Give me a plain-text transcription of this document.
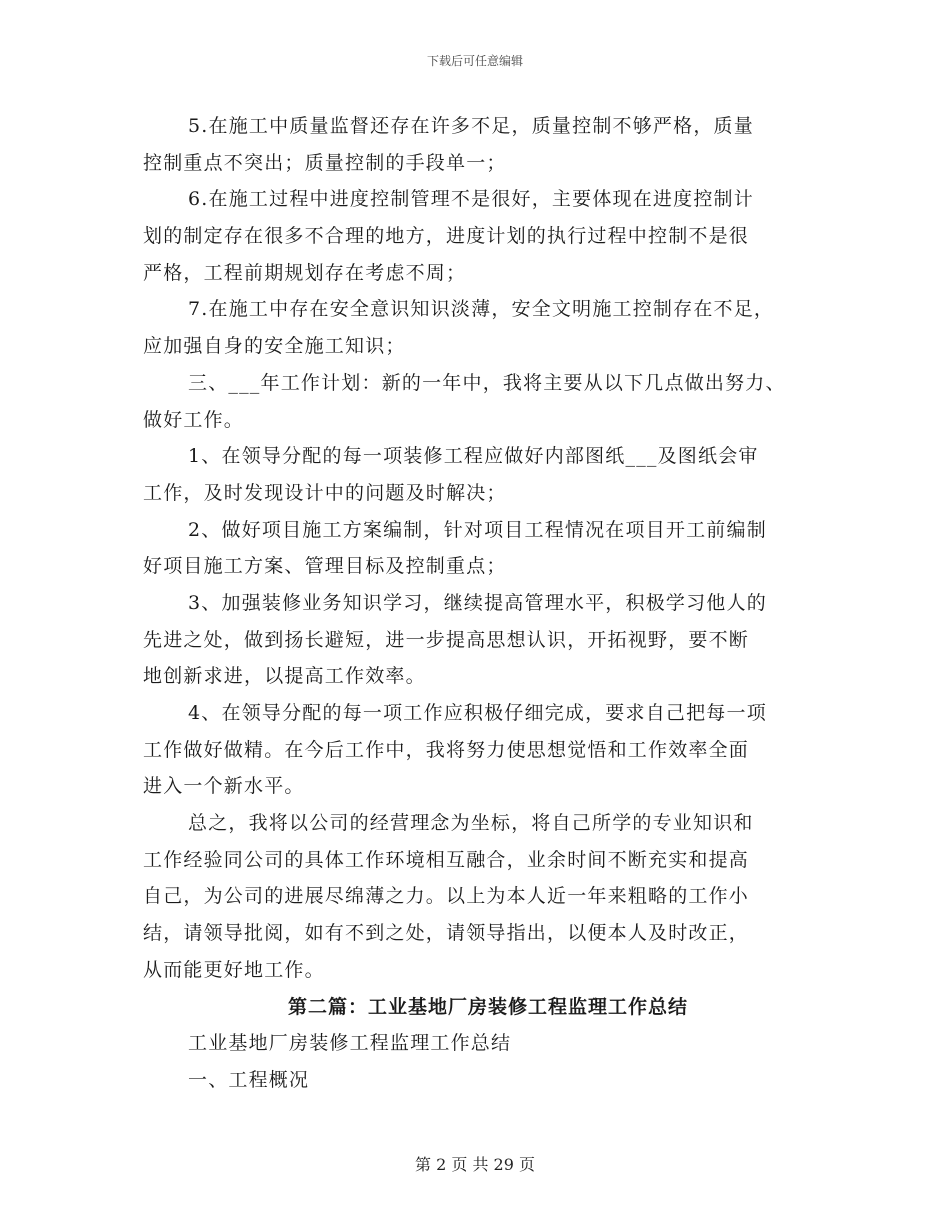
下载后可任意编辑
5.在施工中质量监督还存在许多不足，质量控制不够严格，质量
控制重点不突出；质量控制的手段单一；
6.在施工过程中进度控制管理不是很好，主要体现在进度控制计
划的制定存在很多不合理的地方，进度计划的执行过程中控制不是很
严格，工程前期规划存在考虑不周；
7.在施工中存在安全意识知识淡薄，安全文明施工控制存在不足，
应加强自身的安全施工知识；
三、___年工作计划：新的一年中，我将主要从以下几点做出努力、
做好工作。
1、在领导分配的每一项装修工程应做好内部图纸___及图纸会审
工作，及时发现设计中的问题及时解决；
2、做好项目施工方案编制，针对项目工程情况在项目开工前编制
好项目施工方案、管理目标及控制重点；
3、加强装修业务知识学习，继续提高管理水平，积极学习他人的
先进之处，做到扬长避短，进一步提高思想认识，开拓视野，要不断
地创新求进，以提高工作效率。
4、在领导分配的每一项工作应积极仔细完成，要求自己把每一项
工作做好做精。在今后工作中，我将努力使思想觉悟和工作效率全面
进入一个新水平。
总之，我将以公司的经营理念为坐标，将自己所学的专业知识和
工作经验同公司的具体工作环境相互融合，业余时间不断充实和提高
自己，为公司的进展尽绵薄之力。以上为本人近一年来粗略的工作小
结，请领导批阅，如有不到之处，请领导指出，以便本人及时改正，
从而能更好地工作。
第二篇：工业基地厂房装修工程监理工作总结
工业基地厂房装修工程监理工作总结
一、工程概况
第 2 页 共 29 页
